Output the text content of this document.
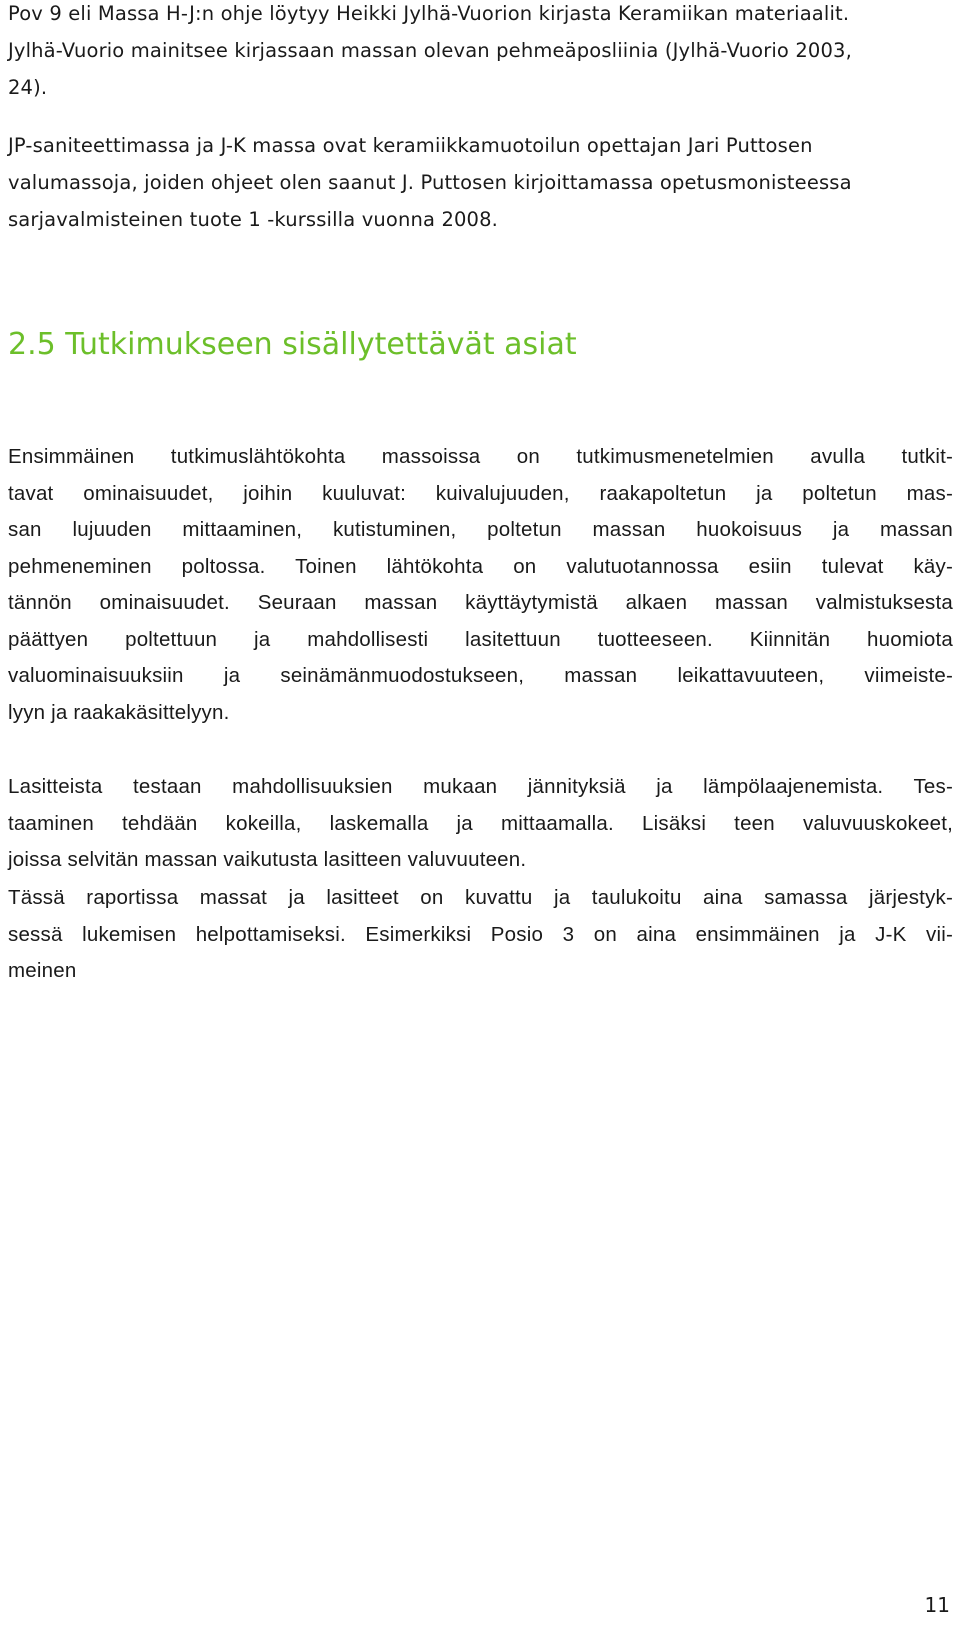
Pov 9 eli Massa H-J:n ohje löytyy Heikki Jylhä-Vuorion kirjasta Keramiikan materiaalit.
Jylhä-Vuorio mainitsee kirjassaan massan olevan pehmeäposliinia (Jylhä-Vuorio 2003,
24).

JP-saniteettimassa ja J-K massa ovat keramiikkamuotoilun opettajan Jari Puttosen
valumassoja, joiden ohjeet olen saanut J. Puttosen kirjoittamassa opetusmonisteessa
sarjavalmisteinen tuote 1 -kurssilla vuonna 2008.

2.5 Tutkimukseen sisällytettävät asiat
Ensimmäinen tutkimuslähtökohta massoissa on tutkimusmenetelmien avulla tutkit-
tavat ominaisuudet, joihin kuuluvat: kuivalujuuden, raakapoltetun ja poltetun mas-
san lujuuden mittaaminen, kutistuminen, poltetun massan huokoisuus ja massan
pehmeneminen poltossa. Toinen lähtökohta on valutuotannossa esiin tulevat käy-
tännön ominaisuudet. Seuraan massan käyttäytymistä alkaen massan valmistuksesta
päättyen poltettuun ja mahdollisesti lasitettuun tuotteeseen. Kiinnitän huomiota
valuominaisuuksiin ja seinämänmuodostukseen, massan leikattavuuteen, viimeiste-
lyyn ja raakakäsittelyyn.
Lasitteista testaan mahdollisuuksien mukaan jännityksiä ja lämpölaajenemista. Tes-
taaminen tehdään kokeilla, laskemalla ja mittaamalla. Lisäksi teen valuvuuskokeet,
joissa selvitän massan vaikutusta lasitteen valuvuuteen.
Tässä raportissa massat ja lasitteet on kuvattu ja taulukoitu aina samassa järjestyk-
sessä lukemisen helpottamiseksi. Esimerkiksi Posio 3 on aina ensimmäinen ja J-K vii-
meinen
11
